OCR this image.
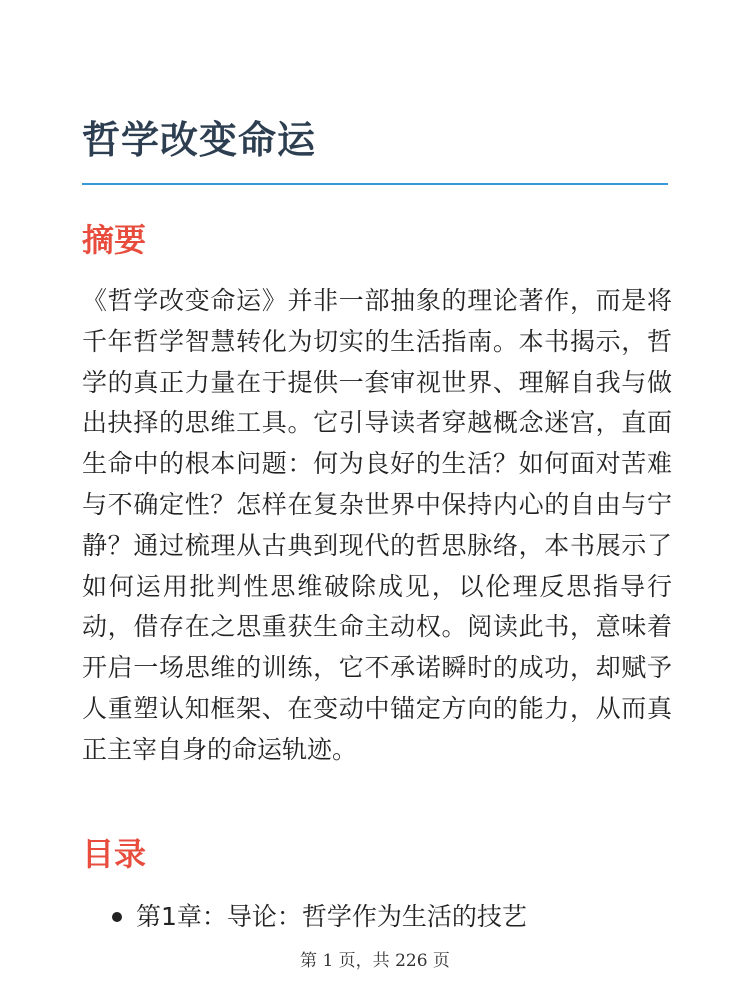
哲学改变命运
摘要

《哲学改变命运》并非一部抽象的理论著作，而是将千年哲学智慧转化为切实的生活指南。本书揭示，哲学的真正力量在于提供一套审视世界、理解自我与做出抉择的思维工具。它引导读者穿越概念迷宫，直面生命中的根本问题：何为良好的生活？如何面对苦难与不确定性？怎样在复杂世界中保持内心的自由与宁静？通过梳理从古典到现代的哲思脉络，本书展示了如何运用批判性思维破除成见，以伦理反思指导行动，借存在之思重获生命主动权。阅读此书，意味着开启一场思维的训练，它不承诺瞬时的成功，却赋予人重塑认知框架、在变动中锚定方向的能力，从而真正主宰自身的命运轨迹。

目录
第1章：导论：哲学作为生活的技艺
第 1 页，共 226 页
